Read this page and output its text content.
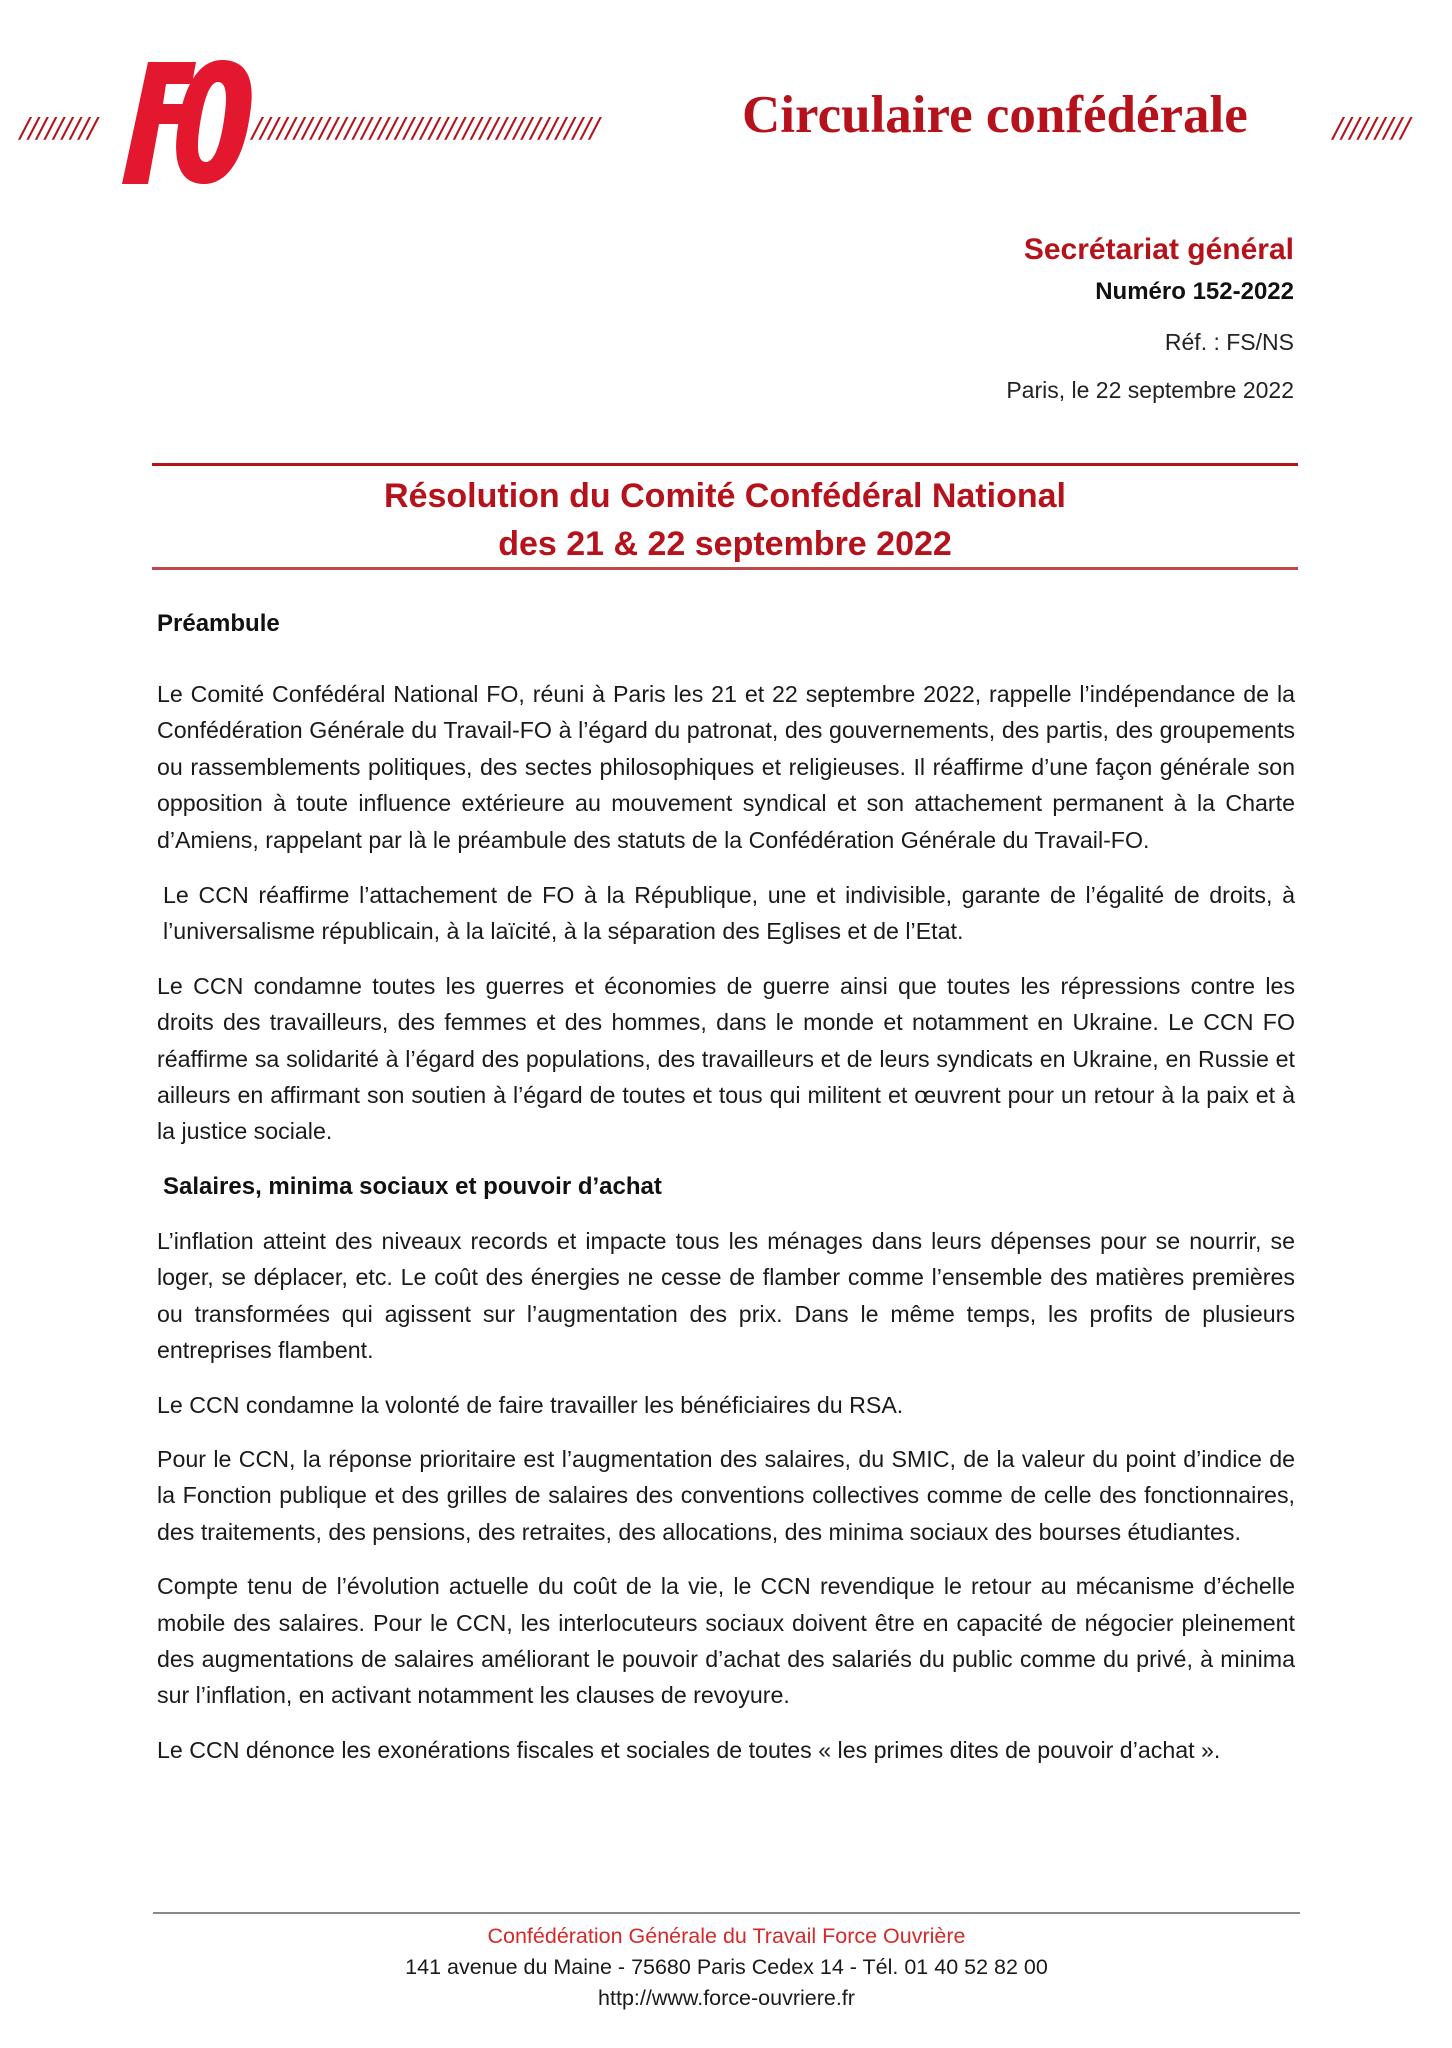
/////////	/////////////////////////////////////////	Circulaire confédérale	/////////
Secrétariat général
Numéro 152-2022
Réf. : FS/NS
Paris, le 22 septembre 2022
Résolution du Comité Confédéral National
des 21 & 22 septembre 2022
Préambule

Le Comité Confédéral National FO, réuni à Paris les 21 et 22 septembre 2022, rappelle l’indépendance de la Confédération Générale du Travail-FO à l’égard du patronat, des gouvernements, des partis, des groupements ou rassemblements politiques, des sectes philosophiques et religieuses. Il réaffirme d’une façon générale son opposition à toute influence extérieure au mouvement syndical et son attachement permanent à la Charte d’Amiens, rappelant par là le préambule des statuts de la Confédération Générale du Travail-FO.

Le CCN réaffirme l’attachement de FO à la République, une et indivisible, garante de l’égalité de droits, à l’universalisme républicain, à la laïcité, à la séparation des Eglises et de l’Etat.

Le CCN condamne toutes les guerres et économies de guerre ainsi que toutes les répressions contre les droits des travailleurs, des femmes et des hommes, dans le monde et notamment en Ukraine. Le CCN FO réaffirme sa solidarité à l’égard des populations, des travailleurs et de leurs syndicats en Ukraine, en Russie et ailleurs en affirmant son soutien à l’égard de toutes et tous qui militent et œuvrent pour un retour à la paix et à la justice sociale.

Salaires, minima sociaux et pouvoir d’achat

L’inflation atteint des niveaux records et impacte tous les ménages dans leurs dépenses pour se nourrir, se loger, se déplacer, etc. Le coût des énergies ne cesse de flamber comme l’ensemble des matières premières ou transformées qui agissent sur l’augmentation des prix. Dans le même temps, les profits de plusieurs entreprises flambent.

Le CCN condamne la volonté de faire travailler les bénéficiaires du RSA.

Pour le CCN, la réponse prioritaire est l’augmentation des salaires, du SMIC, de la valeur du point d’indice de la Fonction publique et des grilles de salaires des conventions collectives comme de celle des fonctionnaires, des traitements, des pensions, des retraites, des allocations, des minima sociaux des bourses étudiantes.

Compte tenu de l’évolution actuelle du coût de la vie, le CCN revendique le retour au mécanisme d’échelle mobile des salaires. Pour le CCN, les interlocuteurs sociaux doivent être en capacité de négocier pleinement des augmentations de salaires améliorant le pouvoir d’achat des salariés du public comme du privé, à minima sur l’inflation, en activant notamment les clauses de revoyure.

Le CCN dénonce les exonérations fiscales et sociales de toutes « les primes dites de pouvoir d’achat ».

Confédération Générale du Travail Force Ouvrière
141 avenue du Maine - 75680 Paris Cedex 14 - Tél. 01 40 52 82 00
http://www.force-ouvriere.fr
